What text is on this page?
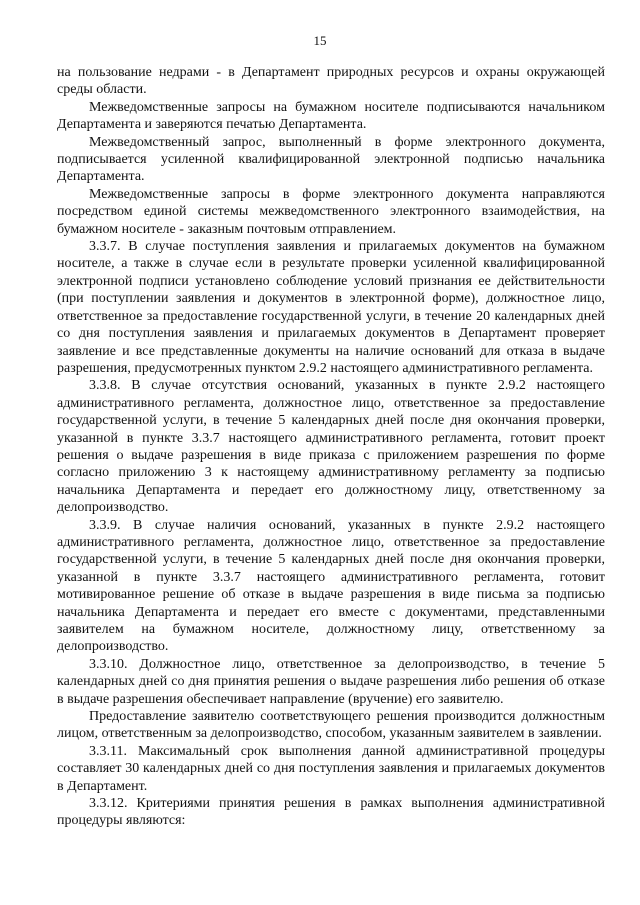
15

на пользование недрами - в Департамент природных ресурсов и охраны окружающей среды области.

Межведомственные запросы на бумажном носителе подписываются начальником Департамента и заверяются печатью Департамента.

Межведомственный запрос, выполненный в форме электронного документа, подписывается усиленной квалифицированной электронной подписью начальника Департамента.

Межведомственные запросы в форме электронного документа направляются посредством единой системы межведомственного электронного взаимодействия, на бумажном носителе - заказным почтовым отправлением.

3.3.7. В случае поступления заявления и прилагаемых документов на бумажном носителе, а также в случае если в результате проверки усиленной квалифицированной электронной подписи установлено соблюдение условий признания ее действительности (при поступлении заявления и документов в электронной форме), должностное лицо, ответственное за предоставление государственной услуги, в течение 20 календарных дней со дня поступления заявления и прилагаемых документов в Департамент проверяет заявление и все представленные документы на наличие оснований для отказа в выдаче разрешения, предусмотренных пунктом 2.9.2 настоящего административного регламента.

3.3.8. В случае отсутствия оснований, указанных в пункте 2.9.2 настоящего административного регламента, должностное лицо, ответственное за предоставление государственной услуги, в течение 5 календарных дней после дня окончания проверки, указанной в пункте 3.3.7 настоящего административного регламента, готовит проект решения о выдаче разрешения в виде приказа с приложением разрешения по форме согласно приложению 3 к настоящему административному регламенту за подписью начальника Департамента и передает его должностному лицу, ответственному за делопроизводство.

3.3.9. В случае наличия оснований, указанных в пункте 2.9.2 настоящего административного регламента, должностное лицо, ответственное за предоставление государственной услуги, в течение 5 календарных дней после дня окончания проверки, указанной в пункте 3.3.7 настоящего административного регламента, готовит мотивированное решение об отказе в выдаче разрешения в виде письма за подписью начальника Департамента и передает его вместе с документами, представленными заявителем на бумажном носителе, должностному лицу, ответственному за делопроизводство.

3.3.10. Должностное лицо, ответственное за делопроизводство, в течение 5 календарных дней со дня принятия решения о выдаче разрешения либо решения об отказе в выдаче разрешения обеспечивает направление (вручение) его заявителю.

Предоставление заявителю соответствующего решения производится должностным лицом, ответственным за делопроизводство, способом, указанным заявителем в заявлении.

3.3.11. Максимальный срок выполнения данной административной процедуры составляет 30 календарных дней со дня поступления заявления и прилагаемых документов в Департамент.

3.3.12. Критериями принятия решения в рамках выполнения административной процедуры являются:
